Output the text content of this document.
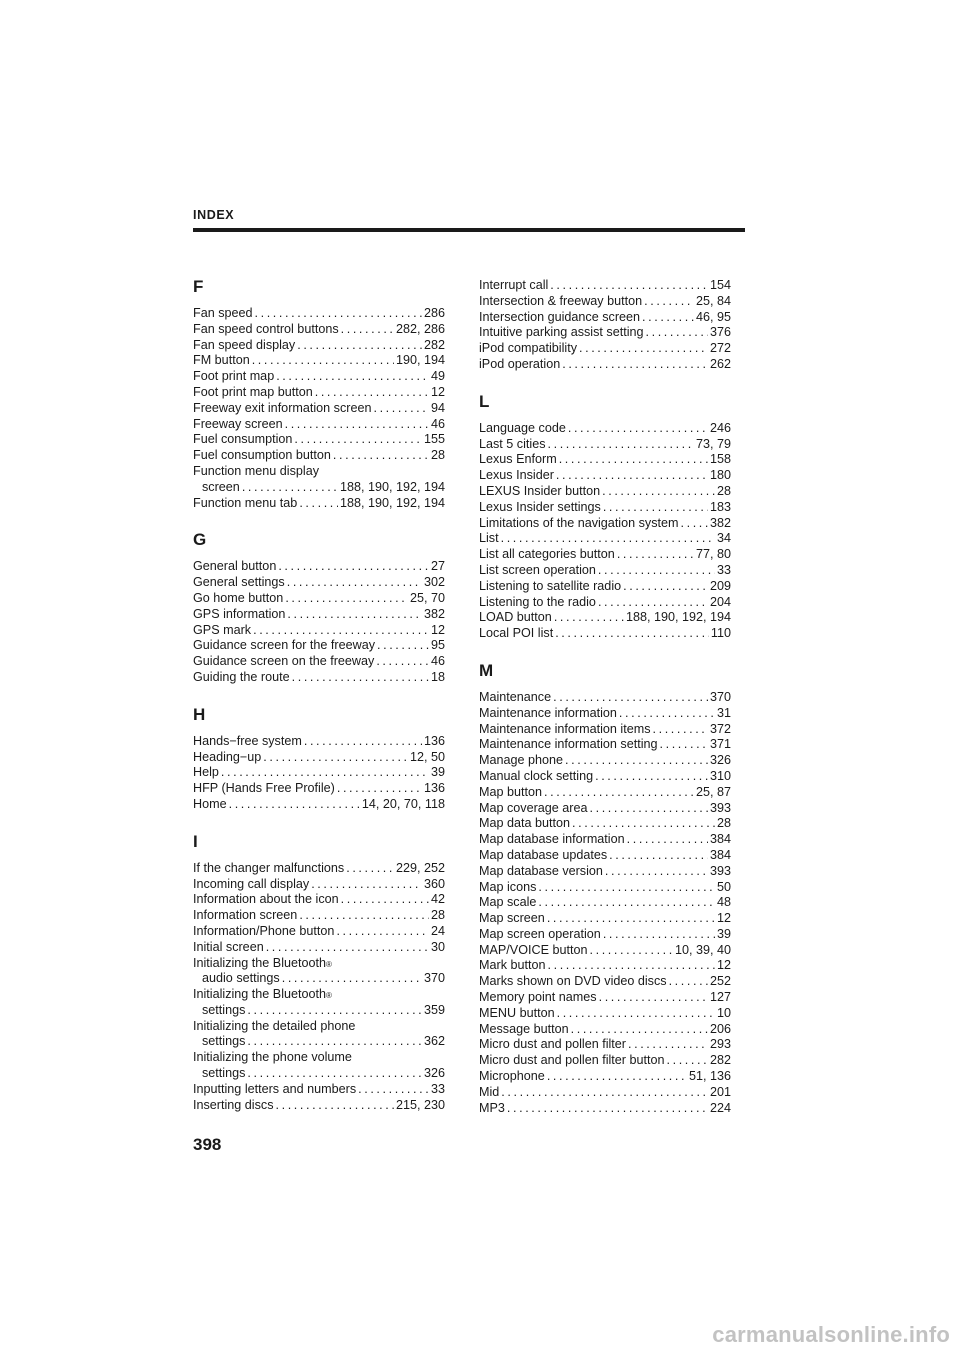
INDEX
F
Fan speed .....	286
Fan speed control buttons .....	282, 286
Fan speed display .....	282
FM button .....	190, 194
Foot print map .....	49
Foot print map button .....	12
Freeway exit information screen .....	94
Freeway screen .....	46
Fuel consumption .....	155
Fuel consumption button .....	28
Function menu display
screen .....	188, 190, 192, 194
Function menu tab .....	188, 190, 192, 194
G
General button .....	27
General settings .....	302
Go home button .....	25, 70
GPS information .....	382
GPS mark .....	12
Guidance screen for the freeway .....	95
Guidance screen on the freeway .....	46
Guiding the route .....	18
H
Hands−free system .....	136
Heading−up .....	12, 50
Help .....	39
HFP (Hands Free Profile) .....	136
Home .....	14, 20, 70, 118
I
If the changer malfunctions .....	229, 252
Incoming call display .....	360
Information about the icon .....	42
Information screen .....	28
Information/Phone button .....	24
Initial screen .....	30
Initializing the Bluetooth ®
audio settings .....	370
Initializing the Bluetooth ®
settings .....	359
Initializing the detailed phone
settings .....	362
Initializing the phone volume
settings .....	326
Inputting letters and numbers .....	33
Inserting discs .....	215, 230
Interrupt call .....	154
Intersection & freeway button .....	25, 84
Intersection guidance screen .....	46, 95
Intuitive parking assist setting .....	376
iPod compatibility .....	272
iPod operation .....	262
L
Language code .....	246
Last 5 cities .....	73, 79
Lexus Enform .....	158
Lexus Insider .....	180
LEXUS Insider button .....	28
Lexus Insider settings .....	183
Limitations of the navigation system ..... 382
List .....	34
List all categories button .....	77, 80
List screen operation .....	33
Listening to satellite radio .....	209
Listening to the radio .....	204
LOAD button .....	188, 190, 192, 194
Local POI list .....	110
M
Maintenance .....	370
Maintenance information .....	31
Maintenance information items .....	372
Maintenance information setting .....	371
Manage phone .....	326
Manual clock setting .....	310
Map button .....	25, 87
Map coverage area .....	393
Map data button .....	28
Map database information .....	384
Map database updates .....	384
Map database version .....	393
Map icons .....	50
Map scale .....	48
Map screen .....	12
Map screen operation .....	39
MAP/VOICE button .....	10, 39, 40
Mark button .....	12
Marks shown on DVD video discs .....	252
Memory point names .....	127
MENU button .....	10
Message button .....	206
Micro dust and pollen filter .....	293
Micro dust and pollen filter button .....	282
Microphone .....	51, 136
Mid .....	201
MP3 .....	224
398
carmanualsonline.info
